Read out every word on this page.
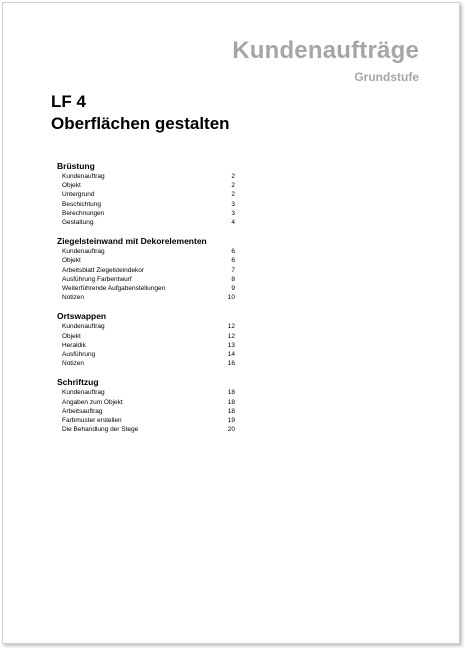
Kundenaufträge
Grundstufe
LF 4
Oberflächen gestalten
Brüstung
Kundenauftrag	2
Objekt	2
Untergrund	2
Beschichtung	3
Berechnungen	3
Gestaltung	4
Ziegelsteinwand mit Dekorelementen
Kundenauftrag	6
Objekt	6
Arbeitsblatt Ziegelsteindekor	7
Ausführung Farbentwurf	8
Weiterführende Aufgabenstellungen	9
Notizen	10
Ortswappen
Kundenauftrag	12
Objekt	12
Heraldik	13
Ausführung	14
Notizen	16
Schriftzug
Kundenauftrag	18
Angaben zum Objekt	18
Arbeitsauftrag	18
Farbmuster erstellen	19
Die Behandlung der Stege	20
